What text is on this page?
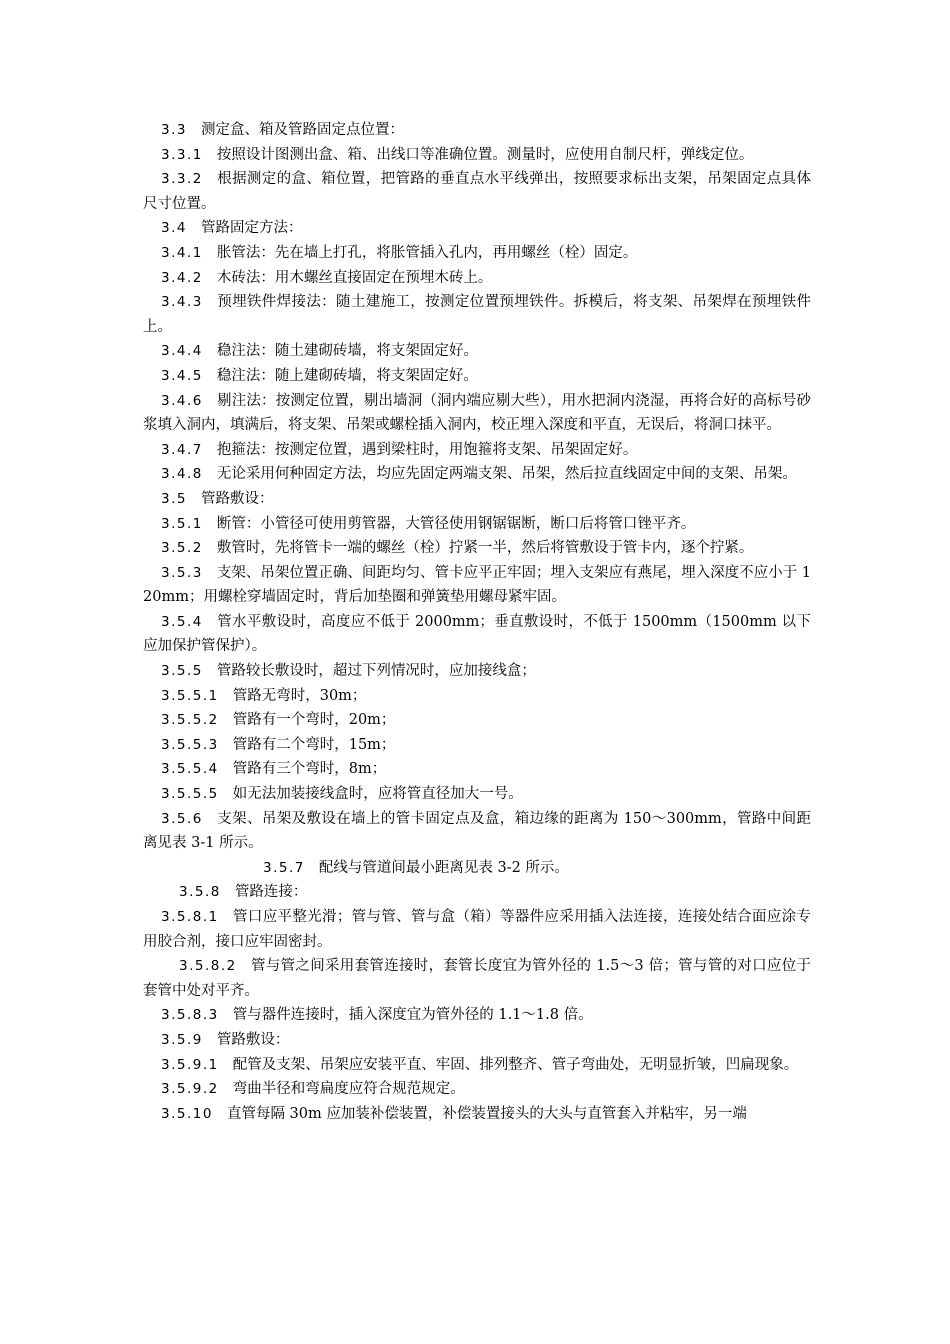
3.3 测定盒、箱及管路固定点位置：

3.3.1 按照设计图测出盒、箱、出线口等准确位置。测量时，应使用自制尺杆，弹线定位。

3.3.2 根据测定的盒、箱位置，把管路的垂直点水平线弹出，按照要求标出支架，吊架固定点具体尺寸位置。

3.4 管路固定方法：

3.4.1 胀管法：先在墙上打孔，将胀管插入孔内，再用螺丝（栓）固定。

3.4.2 木砖法：用木螺丝直接固定在预埋木砖上。

3.4.3 预埋铁件焊接法：随土建施工，按测定位置预埋铁件。拆模后，将支架、吊架焊在预埋铁件上。

3.4.4 稳注法：随土建砌砖墙，将支架固定好。

3.4.5 稳注法：随上建砌砖墙，将支架固定好。

3.4.6 剔注法：按测定位置，剔出墙洞（洞内端应剔大些），用水把洞内浇湿，再将合好的高标号砂浆填入洞内，填满后，将支架、吊架或螺栓插入洞内，校正埋入深度和平直，无误后，将洞口抹平。

3.4.7 抱箍法：按测定位置，遇到梁柱时，用饱箍将支架、吊架固定好。

3.4.8 无论采用何种固定方法，均应先固定两端支架、吊架，然后拉直线固定中间的支架、吊架。

3.5 管路敷设：

3.5.1 断管：小管径可使用剪管器，大管径使用钢锯锯断，断口后将管口锉平齐。

3.5.2 敷管时，先将管卡一端的螺丝（栓）拧紧一半，然后将管敷设于管卡内，逐个拧紧。

3.5.3 支架、吊架位置正确、间距均匀、管卡应平正牢固；埋入支架应有燕尾，埋入深度不应小于 120mm；用螺栓穿墙固定时，背后加垫圈和弹簧垫用螺母紧牢固。

3.5.4 管水平敷设时，高度应不低于 2000mm；垂直敷设时，不低于 1500mm（1500mm 以下应加保护管保护）。

3.5.5 管路较长敷设时，超过下列情况时，应加接线盒；

3.5.5.1 管路无弯时，30m；

3.5.5.2 管路有一个弯时，20m；

3.5.5.3 管路有二个弯时，15m；

3.5.5.4 管路有三个弯时，8m；

3.5.5.5 如无法加装接线盒时，应将管直径加大一号。

3.5.6 支架、吊架及敷设在墙上的管卡固定点及盒，箱边缘的距离为 150～300mm，管路中间距离见表 3-1 所示。

3.5.7 配线与管道间最小距离见表 3-2 所示。

3.5.8 管路连接：

3.5.8.1 管口应平整光滑；管与管、管与盒（箱）等器件应采用插入法连接，连接处结合面应涂专用胶合剂，接口应牢固密封。

3.5.8.2 管与管之间采用套管连接时，套管长度宜为管外径的 1.5～3 倍；管与管的对口应位于套管中处对平齐。

3.5.8.3 管与器件连接时，插入深度宜为管外径的 1.1～1.8 倍。

3.5.9 管路敷设：

3.5.9.1 配管及支架、吊架应安装平直、牢固、排列整齐、管子弯曲处，无明显折皱，凹扁现象。

3.5.9.2 弯曲半径和弯扁度应符合规范规定。

3.5.10 直管每隔 30m 应加装补偿装置，补偿装置接头的大头与直管套入并粘牢，另一端
